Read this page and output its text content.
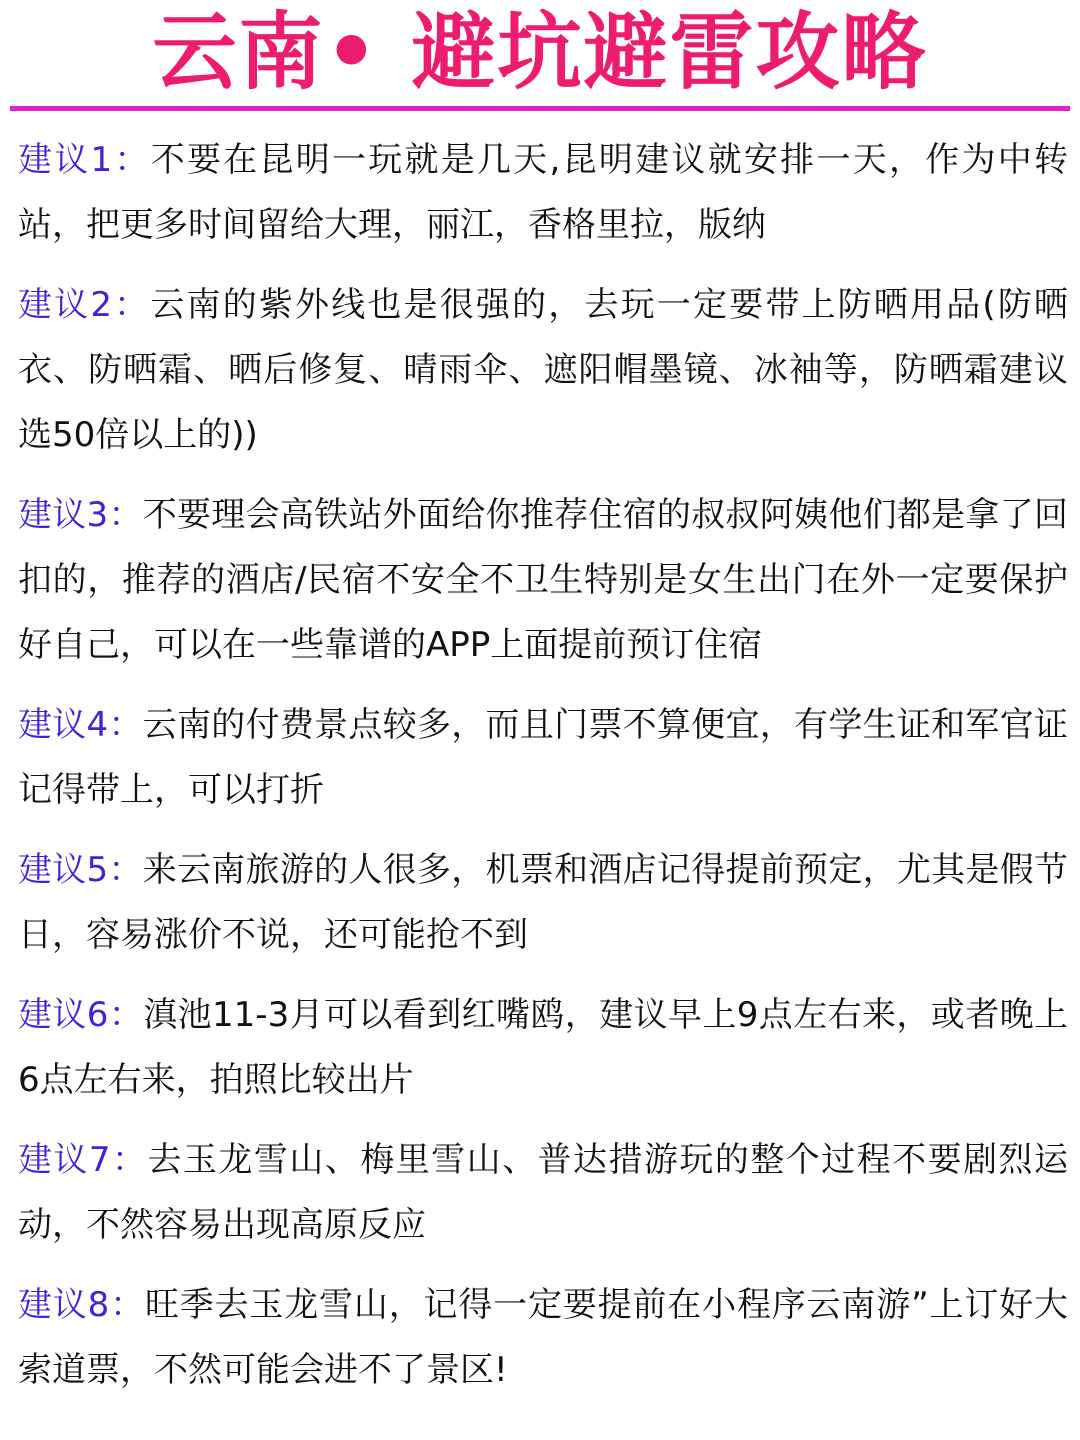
云南• 避坑避雷攻略

建议1：不要在昆明一玩就是几天,昆明建议就安排一天，作为中转站，把更多时间留给大理，丽江，香格里拉，版纳

建议2：云南的紫外线也是很强的，去玩一定要带上防晒用品(防晒衣、防晒霜、晒后修复、晴雨伞、遮阳帽墨镜、冰袖等，防晒霜建议选50倍以上的))

建议3：不要理会高铁站外面给你推荐住宿的叔叔阿姨他们都是拿了回扣的，推荐的酒店/民宿不安全不卫生特别是女生出门在外一定要保护好自己，可以在一些靠谱的APP上面提前预订住宿

建议4：云南的付费景点较多，而且门票不算便宜，有学生证和军官证记得带上，可以打折

建议5：来云南旅游的人很多，机票和酒店记得提前预定，尤其是假节日，容易涨价不说，还可能抢不到

建议6：滇池11-3月可以看到红嘴鸥，建议早上9点左右来，或者晚上6点左右来，拍照比较出片

建议7：去玉龙雪山、梅里雪山、普达措游玩的整个过程不要剧烈运动，不然容易出现高原反应

建议8：旺季去玉龙雪山，记得一定要提前在小程序云南游”上订好大索道票，不然可能会进不了景区!
